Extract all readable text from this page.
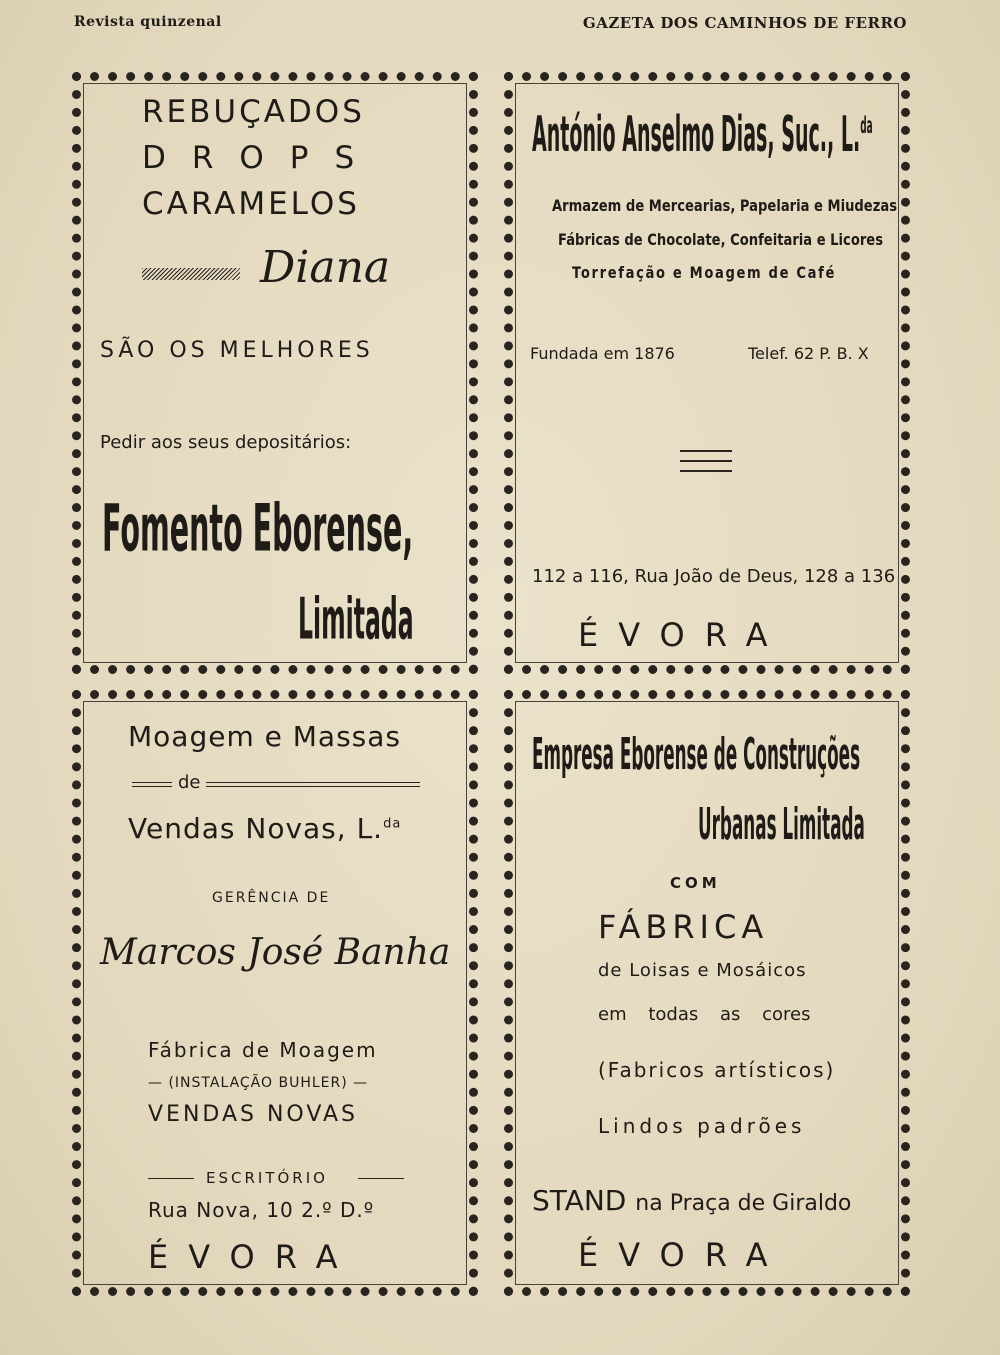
Revista quinzenal	GAZETA DOS CAMINHOS DE FERRO
REBUÇADOS
DROPS
CARAMELOS
Diana
SÃO OS MELHORES
Pedir aos seus depositários:
Fomento Eborense,
Limitada
António Anselmo Dias, Suc., L.$^{da}$
Armazem de Mercearias, Papelaria e Miudezas
Fábricas de Chocolate, Confeitaria e Licores
Torrefação e Moagem de Café
Fundada em 1876	Telef. 62 P. B. X
112 a 116, Rua João de Deus, 128 a 136
ÉVORA
Moagem e Massas
de
Vendas Novas, L.$^{da}$
GERÊNCIA DE
Marcos José Banha
Fábrica de Moagem
— (INSTALAÇÃO BUHLER) —
VENDAS NOVAS
ESCRITÓRIO
Rua Nova, 10 2.º D.º
ÉVORA
Empresa Eborense de Construções
Urbanas Limitada
COM
FÁBRICA
de Loisas e Mosáicos
em todas as cores
(Fabricos artísticos)
Lindos padrões
STAND na Praça de Giraldo
ÉVORA
